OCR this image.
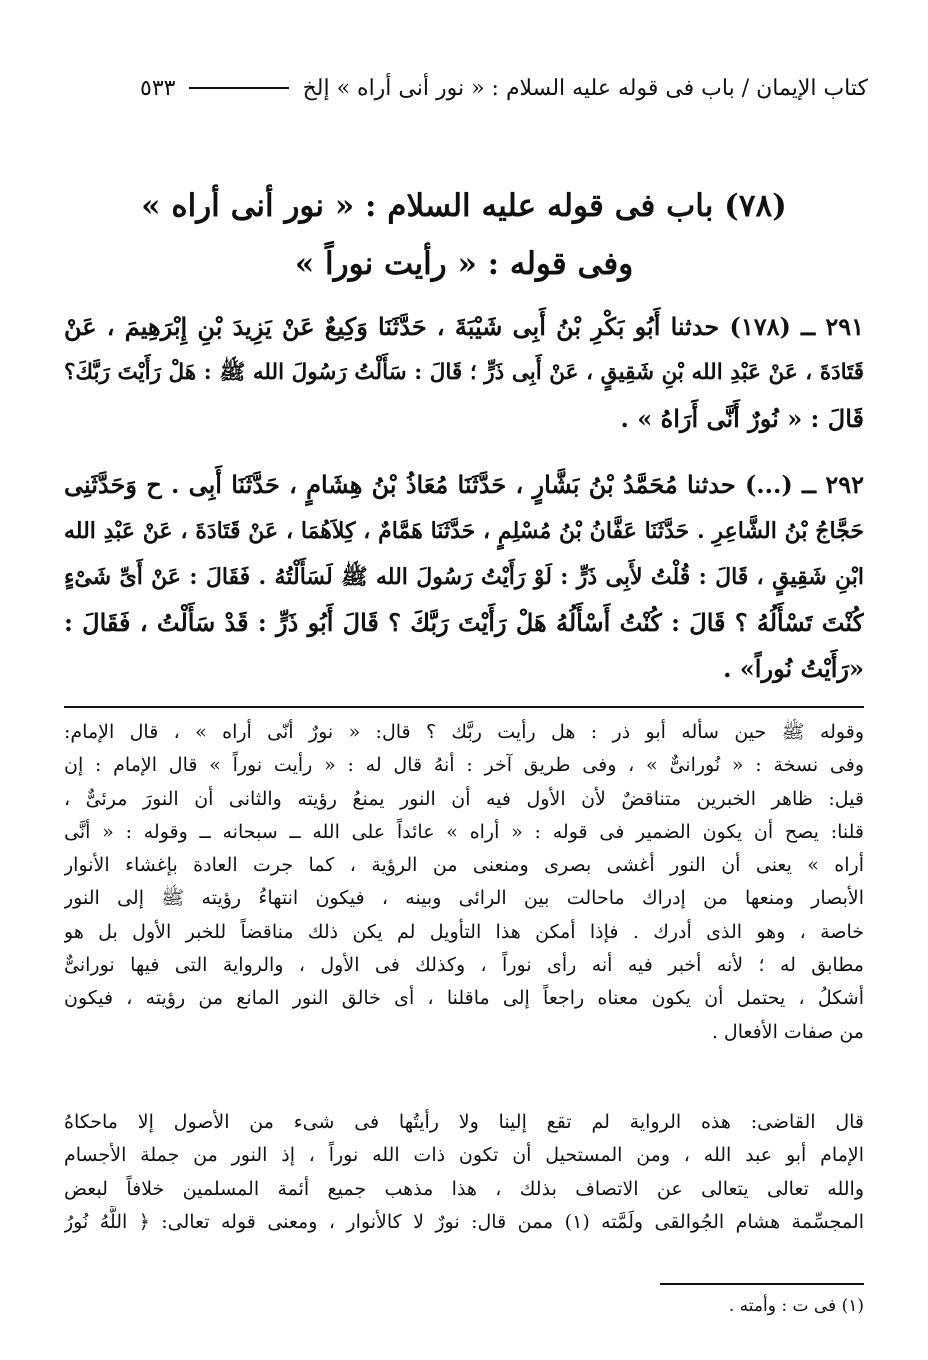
كتاب الإيمان / باب فى قوله عليه السلام : « نور أنى أراه » إلخ
٥٣٣
(٧٨) باب فى قوله عليه السلام : « نور أنى أراه »
وفى قوله : « رأيت نوراً »
٢٩١ ــ (١٧٨) حدثنا أَبُو بَكْرِ بْنُ أَبِى شَيْبَةَ ، حَدَّثَنَا وَكِيعٌ عَنْ يَزِيدَ بْنِ إِبْرَهِيمَ ، عَنْ
قَتَادَةَ ، عَنْ عَبْدِ الله بْنِ شَقِيقٍ ، عَنْ أَبِى ذَرٍّ ؛ قَالَ : سَأَلْتُ رَسُولَ الله ﷺ : هَلْ رَأَيْتَ رَبَّكَ؟
قَالَ : « نُورٌ أَنَّى أَرَاهُ » .
٢٩٢ ــ (...) حدثنا مُحَمَّدُ بْنُ بَشَّارٍ ، حَدَّثَنَا مُعَاذُ بْنُ هِشَامٍ ، حَدَّثَنَا أَبِى . ح وَحَدَّثَنِى
حَجَّاجُ بْنُ الشَّاعِرِ . حَدَّثَنَا عَفَّانُ بْنُ مُسْلِمٍ ، حَدَّثَنَا هَمَّامٌ ، كِلاَهُمَا ، عَنْ قَتَادَةَ ، عَنْ عَبْدِ الله
ابْنِ شَقِيقٍ ، قَالَ : قُلْتُ لأَبِى ذَرٍّ : لَوْ رَأَيْتُ رَسُولَ الله ﷺ لَسَأَلْتُهُ . فَقَالَ : عَنْ أَىِّ شَىْءٍ
كُنْتَ تَسْأَلُهُ ؟ قَالَ : كُنْتُ أَسْأَلُهُ هَلْ رَأَيْتَ رَبَّكَ ؟ قَالَ أَبُو ذَرٍّ : قَدْ سَأَلْتُ ، فَقَالَ :
«رَأَيْتُ نُوراً» .
وقوله ﷺ حين سأله أبو ذر : هل رأيت ربَّك ؟ قال: « نورٌ أنّى أراه » ، قال الإمام:
وفى نسخة : « نُورانىٌّ » ، وفى طريق آخر : أنهُ قال له : « رأيت نوراً » قال الإمام : إن
قيل: ظاهر الخبرين متناقضٌ لأن الأول فيه أن النور يمنعُ رؤيته والثانى أن النورَ مرئىٌّ ،
قلنا: يصح أن يكون الضمير فى قوله : « أراه » عائداً على الله ــ سبحانه ــ وقوله : « أنَّى
أراه » يعنى أن النور أغشى بصرى ومنعنى من الرؤية ، كما جرت العادة بإغشاء الأنوار
الأبصار ومنعها من إدراك ماحالت بين الرائى وبينه ، فيكون انتهاءُ رؤيته ﷺ إلى النور
خاصة ، وهو الذى أدرك . فإذا أمكن هذا التأويل لم يكن ذلك مناقضاً للخبر الأول بل هو
مطابق له ؛ لأنه أخبر فيه أنه رأى نوراً ، وكذلك فى الأول ، والرواية التى فيها نورانىٌّ
أشكلُ ، يحتمل أن يكون معناه راجعاً إلى ماقلنا ، أى خالق النور المانع من رؤيته ، فيكون
من صفات الأفعال .
قال القاضى: هذه الرواية لم تقع إلينا ولا رأيتُها فى شىء من الأصول إلا ماحكاهُ
الإمام أبو عبد الله ، ومن المستحيل أن تكون ذات الله نوراً ، إذ النور من جملة الأجسام
والله تعالى يتعالى عن الاتصاف بذلك ، هذا مذهب جميع أئمة المسلمين خلافاً لبعض
المجسِّمة هشام الجُوالقى ولَمَّته (١) ممن قال: نورٌ لا كالأنوار ، ومعنى قوله تعالى: ﴿ اللَّهُ نُورُ
(١) فى ت : وأمته .
